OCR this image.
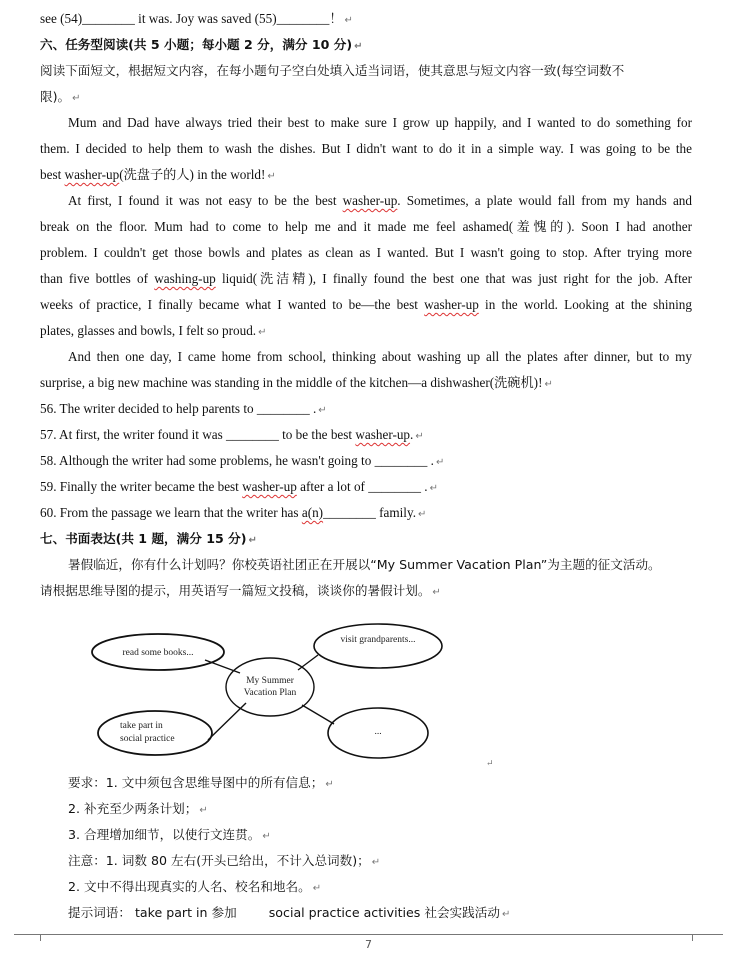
see (54)________ it was. Joy was saved (55)________！ ↵
六、任务型阅读(共 5 小题；每小题 2 分，满分 10 分) ↵
阅读下面短文，根据短文内容，在每小题句子空白处填入适当词语，使其意思与短文内容一致(每空词数不
限)。 ↵
Mum and Dad have always tried their best to make sure I grow up happily, and I wanted to do something for
them. I decided to help them to wash the dishes. But I didn't want to do it in a simple way. I was going to be the
best washer-up(洗盘子的人) in the world! ↵
At first, I found it was not easy to be the best washer-up. Sometimes, a plate would fall from my hands and
break on the floor. Mum had to come to help me and it made me feel ashamed(羞愧的). Soon I had another
problem. I couldn't get those bowls and plates as clean as I wanted. But I wasn't going to stop. After trying more
than five bottles of washing-up liquid(洗洁精), I finally found the best one that was just right for the job. After
weeks of practice, I finally became what I wanted to be—the best washer-up in the world. Looking at the shining
plates, glasses and bowls, I felt so proud. ↵
And then one day, I came home from school, thinking about washing up all the plates after dinner, but to my
surprise, a big new machine was standing in the middle of the kitchen—a dishwasher(洗碗机)! ↵
56. The writer decided to help parents to ________ . ↵
57. At first, the writer found it was ________ to be the best washer-up. ↵
58. Although the writer had some problems, he wasn't going to ________ . ↵
59. Finally the writer became the best washer-up after a lot of ________ . ↵
60. From the passage we learn that the writer has a(n)________ family. ↵
七、书面表达(共 1 题，满分 15 分) ↵
暑假临近，你有什么计划吗？你校英语社团正在开展以“My Summer Vacation Plan”为主题的征文活动。
请根据思维导图的提示，用英语写一篇短文投稿，谈谈你的暑假计划。 ↵
read some books...
My Summer
Vacation Plan
visit grandparents...
take part in
social practice
...
↵
要求：1. 文中须包含思维导图中的所有信息； ↵
2. 补充至少两条计划； ↵
3. 合理增加细节，以使行文连贯。 ↵
注意：1. 词数 80 左右(开头已给出，不计入总词数)； ↵
2. 文中不得出现真实的人名、校名和地名。 ↵
提示词语： take part in 参加        social practice activities 社会实践活动 ↵
7
